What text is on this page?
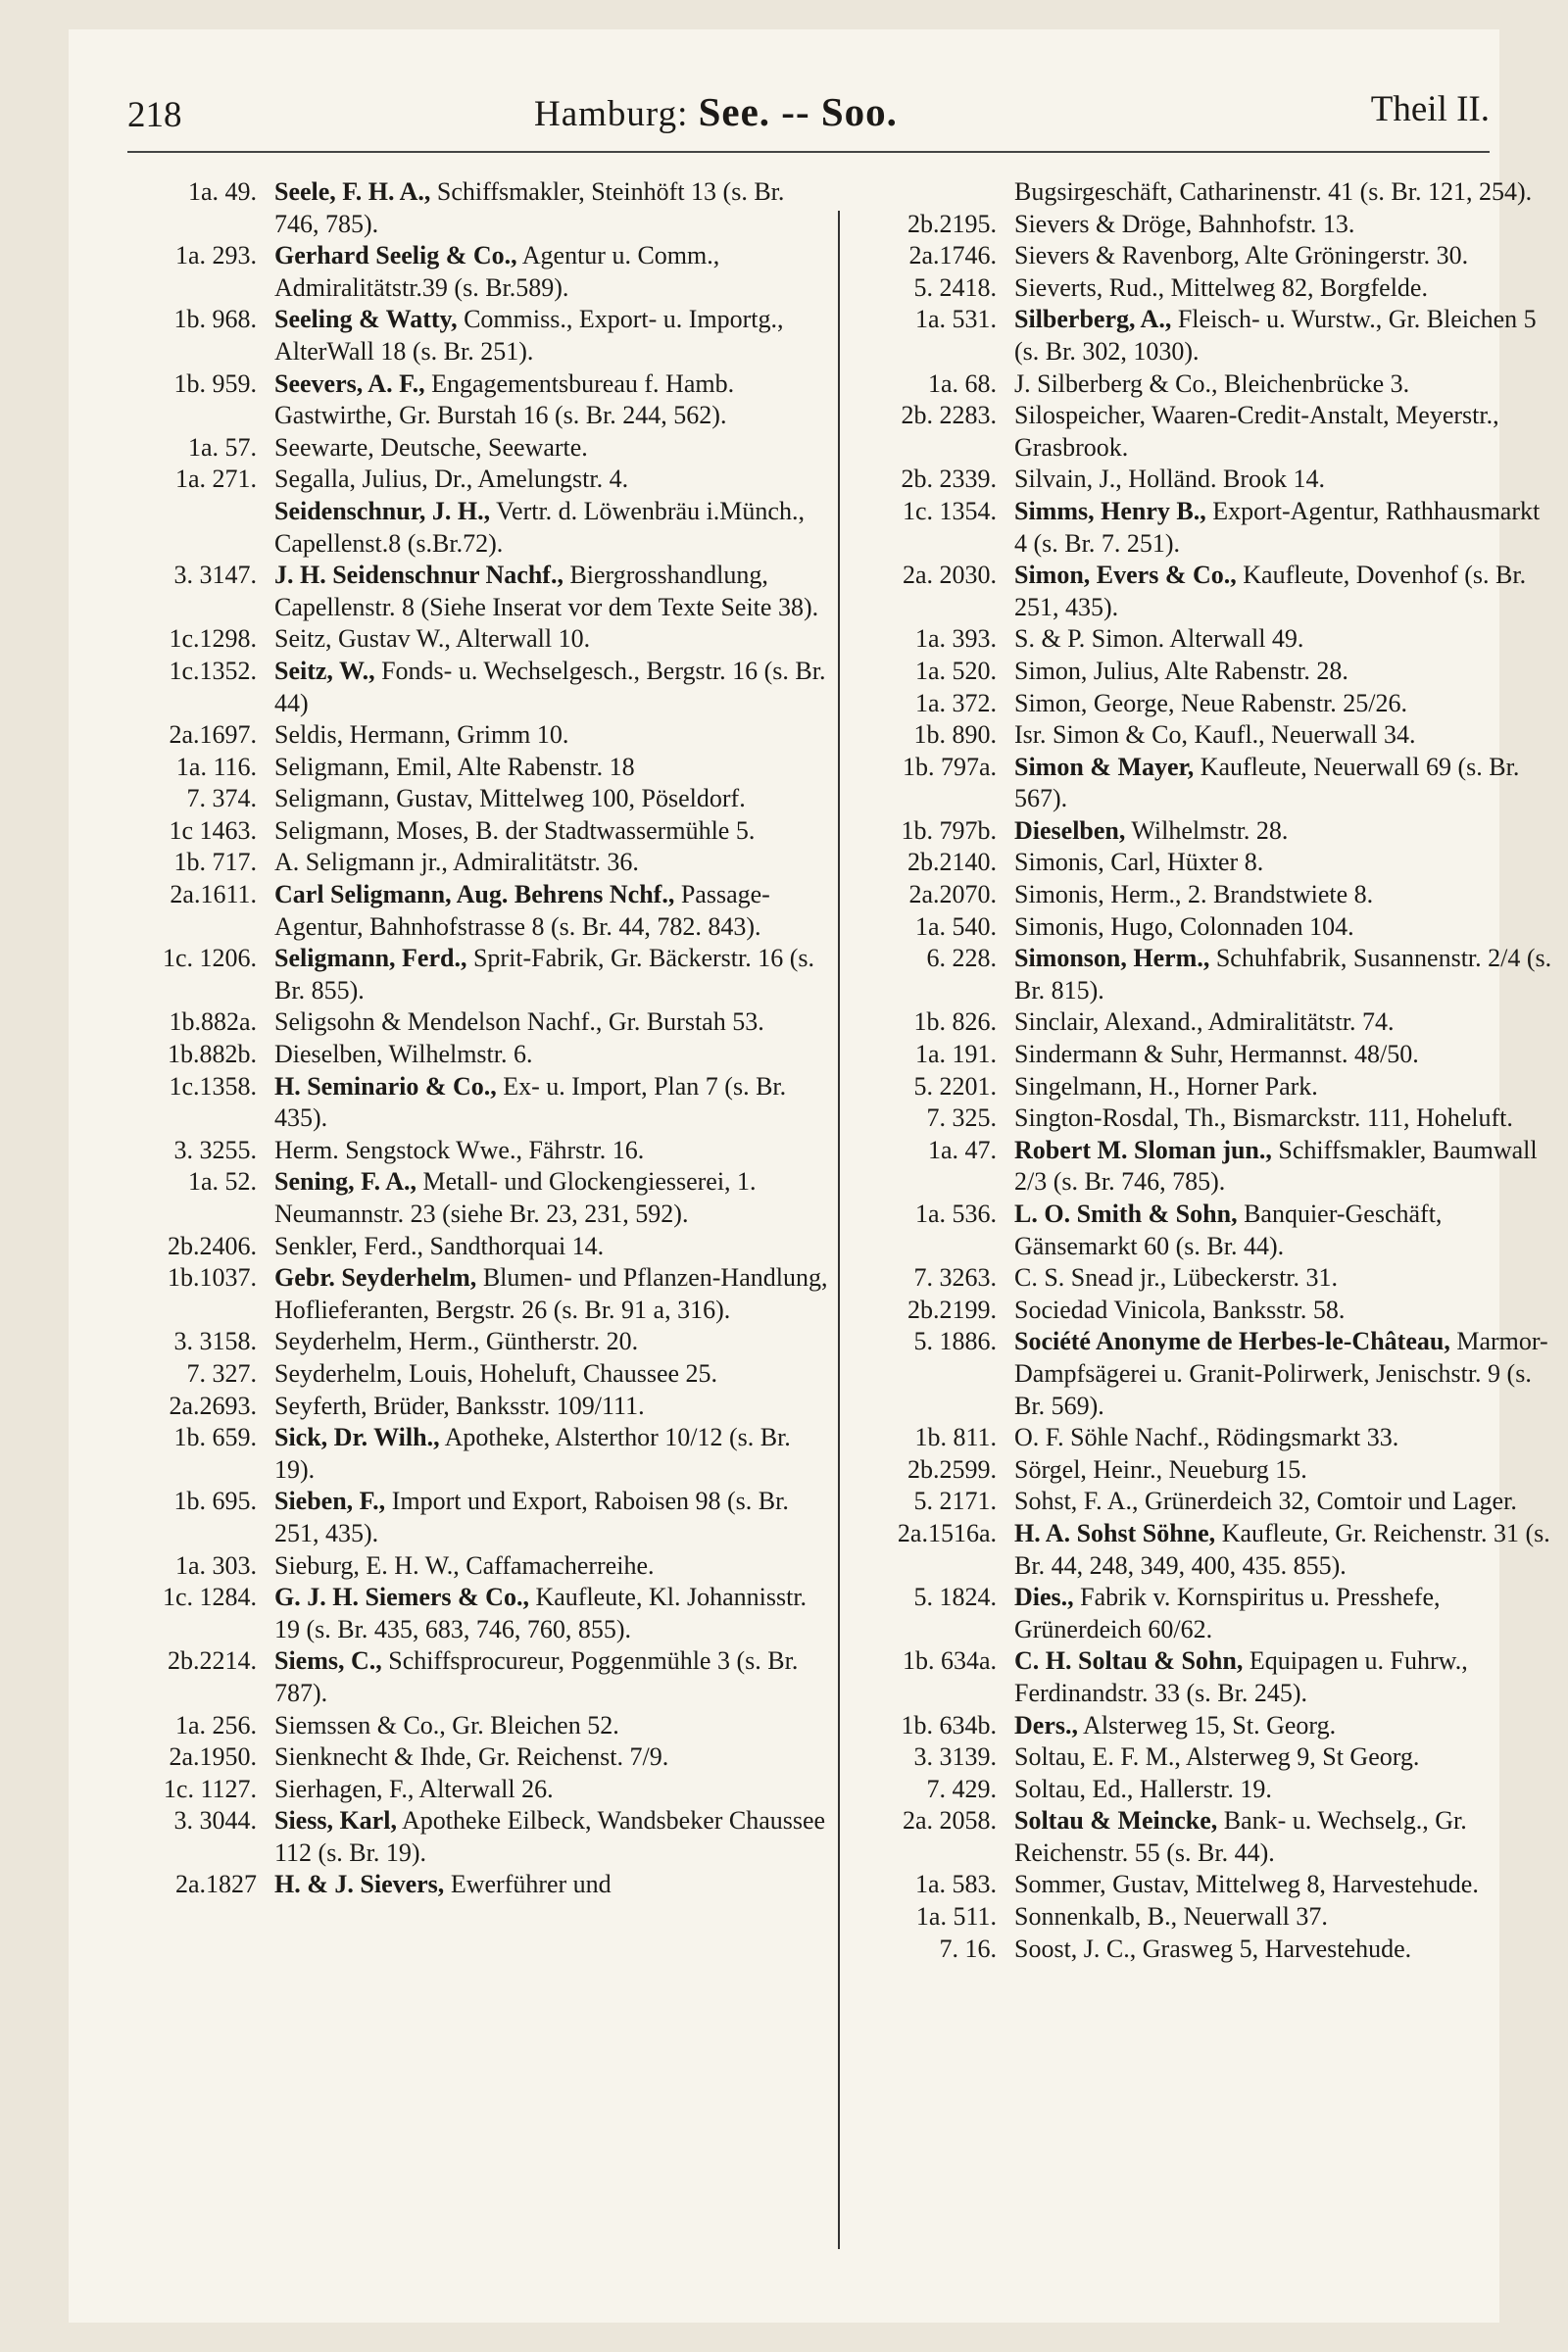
218	Hamburg: See. -- Soo.	Theil II.
1a. 49. Seele, F. H. A., Schiffsmakler, Steinhöft 13 (s. Br. 746, 785).
1a. 293. Gerhard Seelig & Co., Agentur u. Comm., Admiralitätstr.39 (s. Br.589).
1b. 968. Seeling & Watty, Commiss., Export- u. Importg., AlterWall 18 (s. Br. 251).
1b. 959. Seevers, A. F., Engagementsbureau f. Hamb. Gastwirthe, Gr. Burstah 16 (s. Br. 244, 562).
1a. 57. Seewarte, Deutsche, Seewarte.
1a. 271. Segalla, Julius, Dr., Amelungstr. 4.
Seidenschnur, J. H., Vertr. d. Löwenbräu i.Münch., Capellenst.8 (s.Br.72).
3. 3147. J. H. Seidenschnur Nachf., Biergrosshandlung, Capellenstr. 8 (Siehe Inserat vor dem Texte Seite 38).
1c.1298. Seitz, Gustav W., Alterwall 10.
1c.1352. Seitz, W., Fonds- u. Wechselgesch., Bergstr. 16 (s. Br. 44)
2a.1697. Seldis, Hermann, Grimm 10.
1a. 116. Seligmann, Emil, Alte Rabenstr. 18
7. 374. Seligmann, Gustav, Mittelweg 100, Pöseldorf.
1c 1463. Seligmann, Moses, B. der Stadtwassermühle 5.
1b. 717. A. Seligmann jr., Admiralitätstr. 36.
2a.1611. Carl Seligmann, Aug. Behrens Nchf., Passage-Agentur, Bahnhofstrasse 8 (s. Br. 44, 782. 843).
1c. 1206. Seligmann, Ferd., Sprit-Fabrik, Gr. Bäckerstr. 16 (s. Br. 855).
1b.882a. Seligsohn & Mendelson Nachf., Gr. Burstah 53.
1b.882b. Dieselben, Wilhelmstr. 6.
1c.1358. H. Seminario & Co., Ex- u. Import, Plan 7 (s. Br. 435).
3. 3255. Herm. Sengstock Wwe., Fährstr. 16.
1a. 52. Sening, F. A., Metall- und Glockengiesserei, 1. Neumannstr. 23 (siehe Br. 23, 231, 592).
2b.2406. Senkler, Ferd., Sandthorquai 14.
1b.1037. Gebr. Seyderhelm, Blumen- und Pflanzen-Handlung, Hoflieferanten, Bergstr. 26 (s. Br. 91 a, 316).
3. 3158. Seyderhelm, Herm., Güntherstr. 20.
7. 327. Seyderhelm, Louis, Hoheluft, Chaussee 25.
2a.2693. Seyferth, Brüder, Banksstr. 109/111.
1b. 659. Sick, Dr. Wilh., Apotheke, Alsterthor 10/12 (s. Br. 19).
1b. 695. Sieben, F., Import und Export, Raboisen 98 (s. Br. 251, 435).
1a. 303. Sieburg, E. H. W., Caffamacherreihe.
1c. 1284. G. J. H. Siemers & Co., Kaufleute, Kl. Johannisstr. 19 (s. Br. 435, 683, 746, 760, 855).
2b.2214. Siems, C., Schiffsprocureur, Poggenmühle 3 (s. Br. 787).
1a. 256. Siemssen & Co., Gr. Bleichen 52.
2a.1950. Sienknecht & Ihde, Gr. Reichenst. 7/9.
1c. 1127. Sierhagen, F., Alterwall 26.
3. 3044. Siess, Karl, Apotheke Eilbeck, Wandsbeker Chaussee 112 (s. Br. 19).
2a.1827 H. & J. Sievers, Ewerführer und
Bugsirgeschäft, Catharinenstr. 41 (s. Br. 121, 254).
2b.2195. Sievers & Dröge, Bahnhofstr. 13.
2a.1746. Sievers & Ravenborg, Alte Gröningerstr. 30.
5. 2418. Sieverts, Rud., Mittelweg 82, Borgfelde.
1a. 531. Silberberg, A., Fleisch- u. Wurstw., Gr. Bleichen 5 (s. Br. 302, 1030).
1a. 68. J. Silberberg & Co., Bleichenbrücke 3.
2b. 2283. Silospeicher, Waaren-Credit-Anstalt, Meyerstr., Grasbrook.
2b. 2339. Silvain, J., Holländ. Brook 14.
1c. 1354. Simms, Henry B., Export-Agentur, Rathhausmarkt 4 (s. Br. 7. 251).
2a. 2030. Simon, Evers & Co., Kaufleute, Dovenhof (s. Br. 251, 435).
1a. 393. S. & P. Simon. Alterwall 49.
1a. 520. Simon, Julius, Alte Rabenstr. 28.
1a. 372. Simon, George, Neue Rabenstr. 25/26.
1b. 890. Isr. Simon & Co, Kaufl., Neuerwall 34.
1b. 797a. Simon & Mayer, Kaufleute, Neuerwall 69 (s. Br. 567).
1b. 797b. Dieselben, Wilhelmstr. 28.
2b.2140. Simonis, Carl, Hüxter 8.
2a.2070. Simonis, Herm., 2. Brandstwiete 8.
1a. 540. Simonis, Hugo, Colonnaden 104.
6. 228. Simonson, Herm., Schuhfabrik, Susannenstr. 2/4 (s. Br. 815).
1b. 826. Sinclair, Alexand., Admiralitätstr. 74.
1a. 191. Sindermann & Suhr, Hermannst. 48/50.
5. 2201. Singelmann, H., Horner Park.
7. 325. Sington-Rosdal, Th., Bismarckstr. 111, Hoheluft.
1a. 47. Robert M. Sloman jun., Schiffsmakler, Baumwall 2/3 (s. Br. 746, 785).
1a. 536. L. O. Smith & Sohn, Banquier-Geschäft, Gänsemarkt 60 (s. Br. 44).
7. 3263. C. S. Snead jr., Lübeckerstr. 31.
2b.2199. Sociedad Vinicola, Banksstr. 58.
5. 1886. Société Anonyme de Herbes-le-Château, Marmor-Dampfsägerei u. Granit-Polirwerk, Jenischstr. 9 (s. Br. 569).
1b. 811. O. F. Söhle Nachf., Rödingsmarkt 33.
2b.2599. Sörgel, Heinr., Neueburg 15.
5. 2171. Sohst, F. A., Grünerdeich 32, Comtoir und Lager.
2a.1516a. H. A. Sohst Söhne, Kaufleute, Gr. Reichenstr. 31 (s. Br. 44, 248, 349, 400, 435. 855).
5. 1824. Dies., Fabrik v. Kornspiritus u. Presshefe, Grünerdeich 60/62.
1b. 634a. C. H. Soltau & Sohn, Equipagen u. Fuhrw., Ferdinandstr. 33 (s. Br. 245).
1b. 634b. Ders., Alsterweg 15, St. Georg.
3. 3139. Soltau, E. F. M., Alsterweg 9, St Georg.
7. 429. Soltau, Ed., Hallerstr. 19.
2a. 2058. Soltau & Meincke, Bank- u. Wechselg., Gr. Reichenstr. 55 (s. Br. 44).
1a. 583. Sommer, Gustav, Mittelweg 8, Harvestehude.
1a. 511. Sonnenkalb, B., Neuerwall 37.
7. 16. Soost, J. C., Grasweg 5, Harvestehude.
